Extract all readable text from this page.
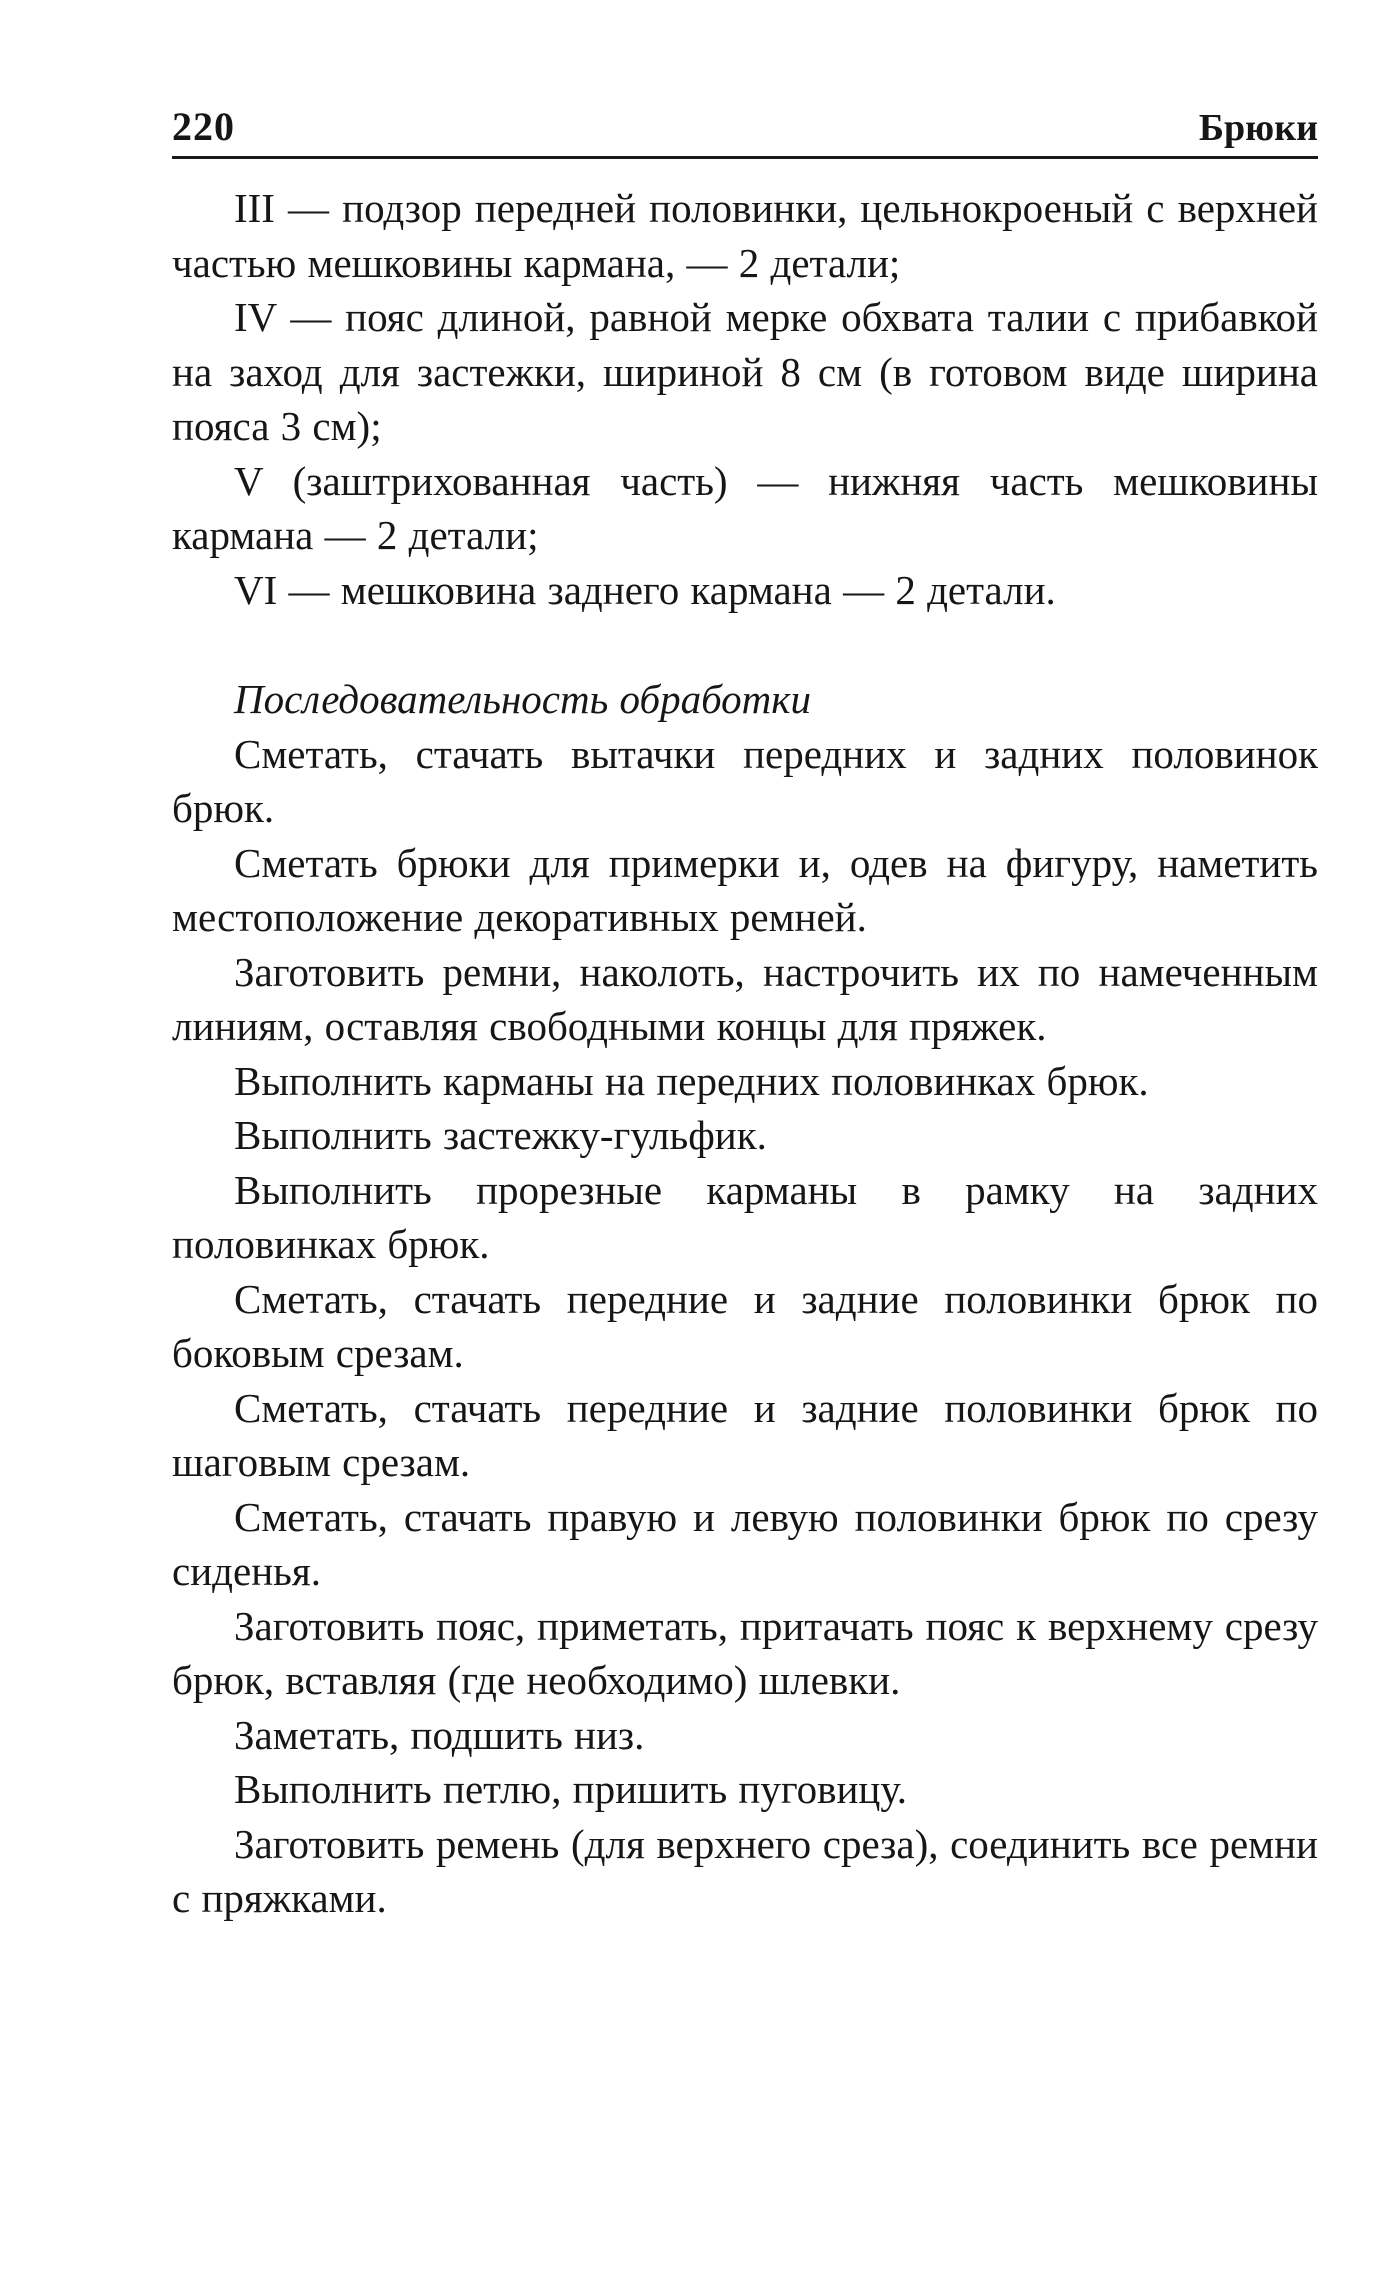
220	Брюки

III — подзор передней половинки, цельнокроеный с верхней частью мешковины кармана, — 2 детали;

IV — пояс длиной, равной мерке обхвата талии с прибавкой на заход для застежки, шириной 8 см (в готовом виде ширина пояса 3 см);

V (заштрихованная часть) — нижняя часть мешковины кармана — 2 детали;

VI — мешковина заднего кармана — 2 детали.

Последовательность обработки

Сметать, стачать вытачки передних и задних половинок брюк.

Сметать брюки для примерки и, одев на фигуру, наметить местоположение декоративных ремней.

Заготовить ремни, наколоть, настрочить их по намеченным линиям, оставляя свободными концы для пряжек.

Выполнить карманы на передних половинках брюк.

Выполнить застежку-гульфик.

Выполнить прорезные карманы в рамку на задних половинках брюк.

Сметать, стачать передние и задние половинки брюк по боковым срезам.

Сметать, стачать передние и задние половинки брюк по шаговым срезам.

Сметать, стачать правую и левую половинки брюк по срезу сиденья.

Заготовить пояс, приметать, притачать пояс к верхнему срезу брюк, вставляя (где необходимо) шлевки.

Заметать, подшить низ.

Выполнить петлю, пришить пуговицу.

Заготовить ремень (для верхнего среза), соединить все ремни с пряжками.
